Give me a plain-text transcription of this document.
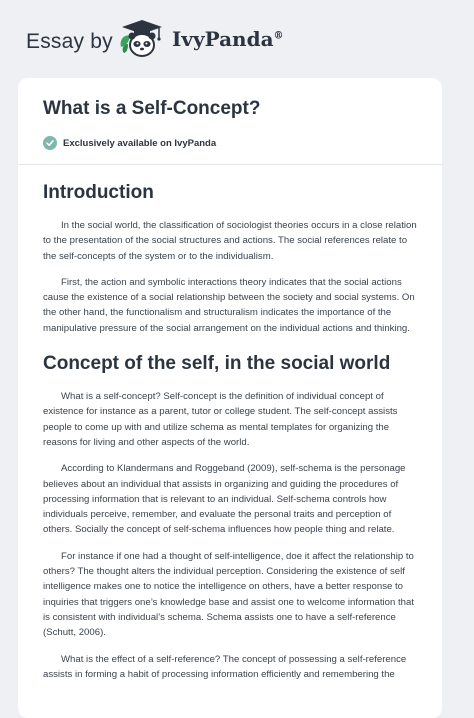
Essay by	IvyPanda®
What is a Self-Concept?
Exclusively available on IvyPanda
Introduction

In the social world, the classification of sociologist theories occurs in a close relation to the presentation of the social structures and actions. The social references relate to the self-concepts of the system or to the individualism.

First, the action and symbolic interactions theory indicates that the social actions cause the existence of a social relationship between the society and social systems. On the other hand, the functionalism and structuralism indicates the importance of the manipulative pressure of the social arrangement on the individual actions and thinking.

Concept of the self, in the social world

What is a self-concept? Self-concept is the definition of individual concept of existence for instance as a parent, tutor or college student. The self-concept assists people to come up with and utilize schema as mental templates for organizing the reasons for living and other aspects of the world.

According to Klandermans and Roggeband (2009), self-schema is the personage believes about an individual that assists in organizing and guiding the procedures of processing information that is relevant to an individual. Self-schema controls how individuals perceive, remember, and evaluate the personal traits and perception of others. Socially the concept of self-schema influences how people thing and relate.

For instance if one had a thought of self-intelligence, doe it affect the relationship to others? The thought alters the individual perception. Considering the existence of self intelligence makes one to notice the intelligence on others, have a better response to inquiries that triggers one’s knowledge base and assist one to welcome information that is consistent with individual’s schema. Schema assists one to have a self-reference (Schutt, 2006).

What is the effect of a self-reference? The concept of possessing a self-reference assists in forming a habit of processing information efficiently and remembering the
